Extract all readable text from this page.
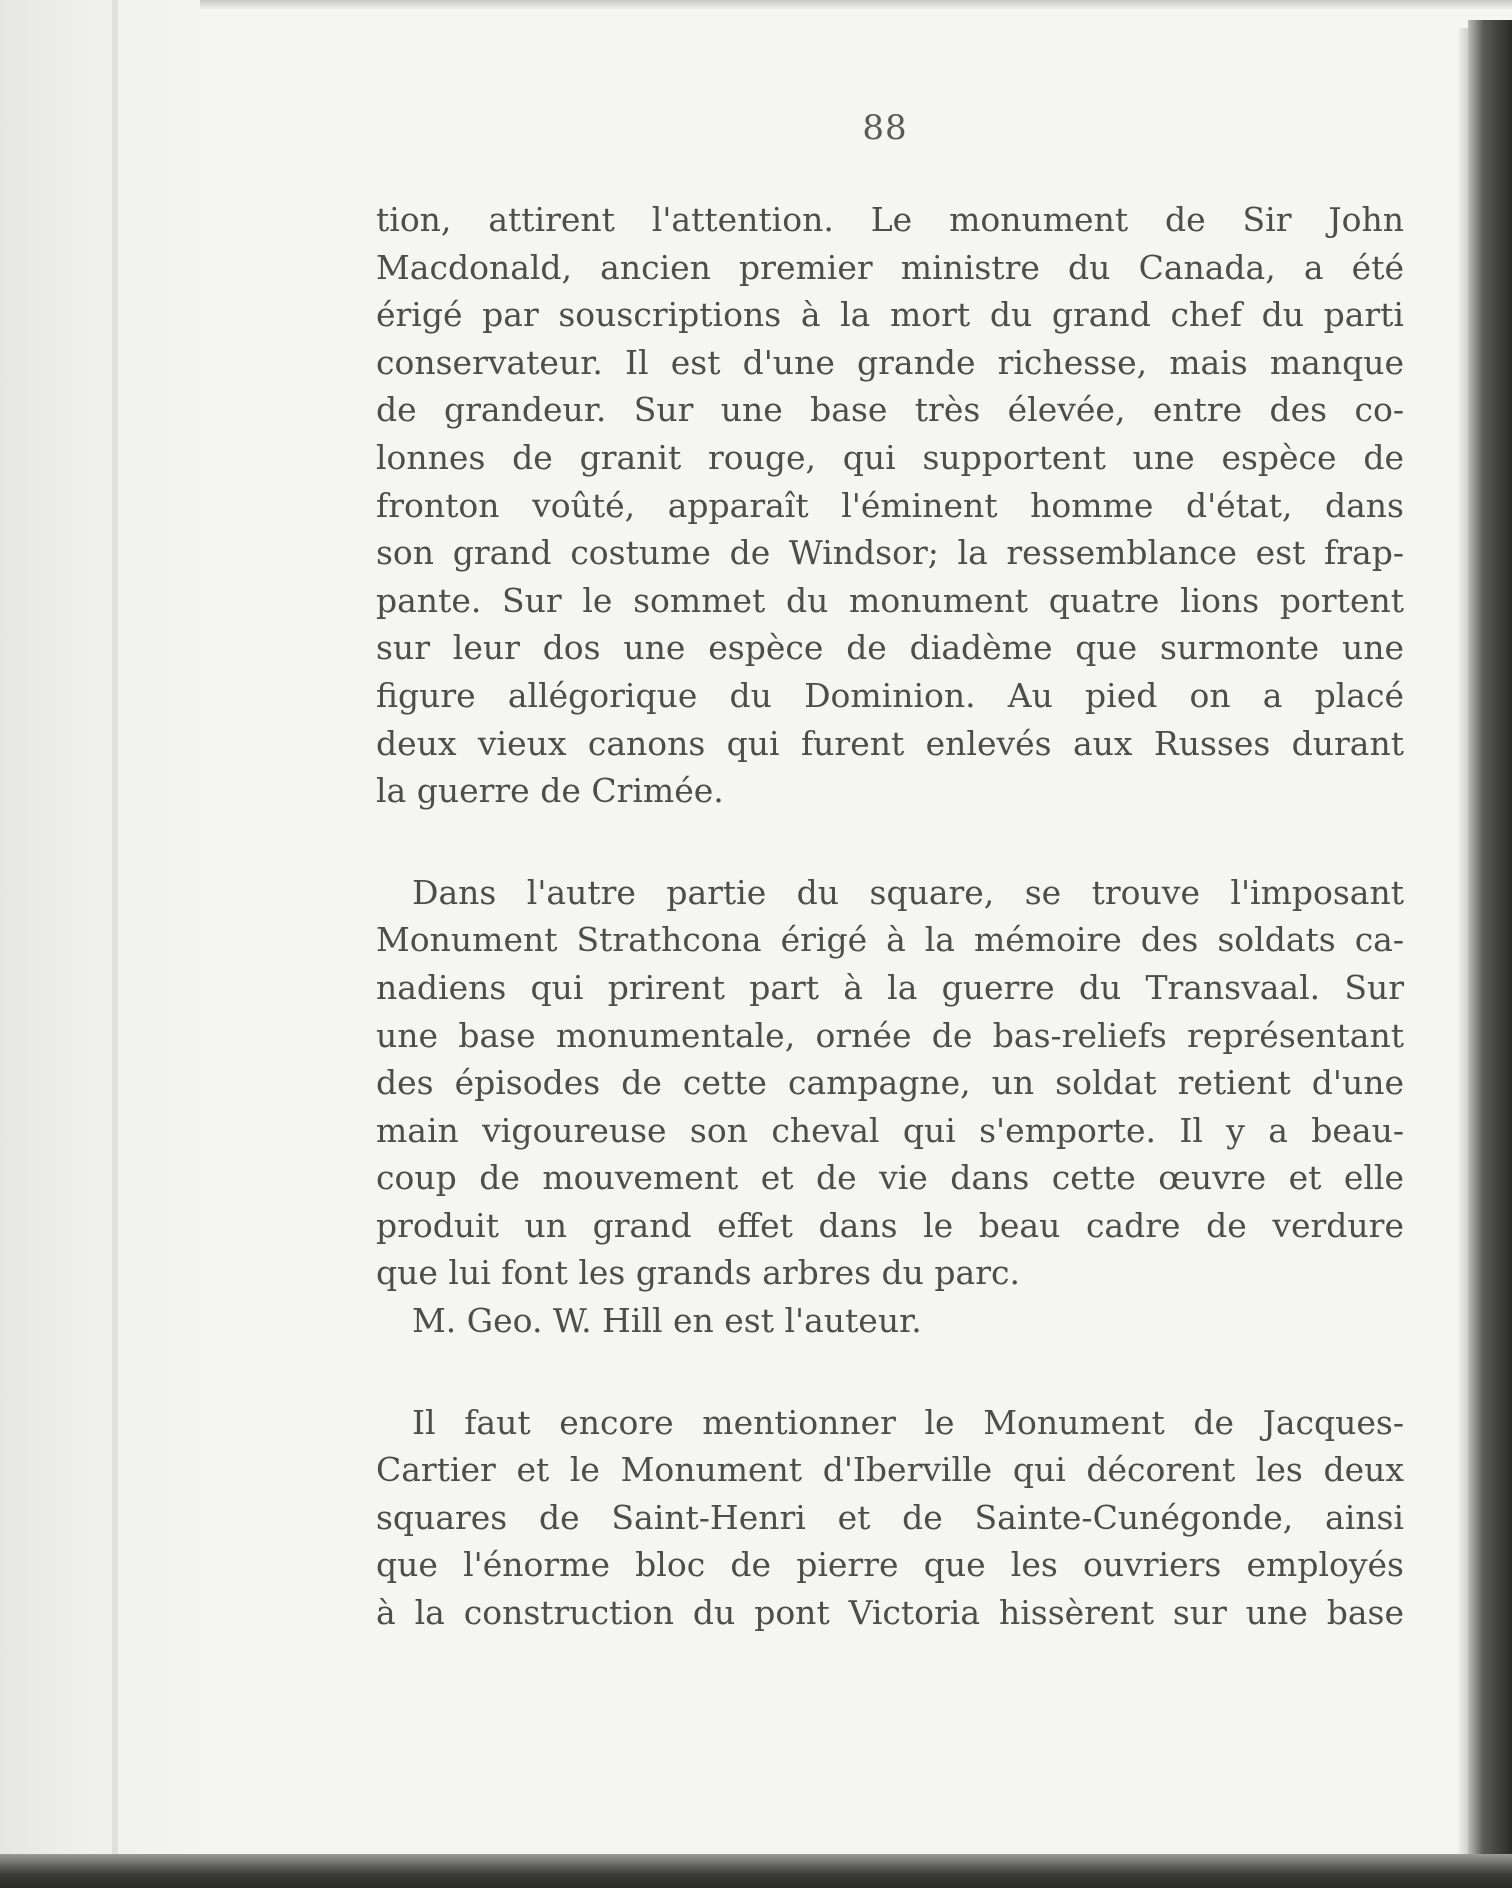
88
tion, attirent l'attention. Le monument de Sir John
Macdonald, ancien premier ministre du Canada, a été
érigé par souscriptions à la mort du grand chef du parti
conservateur. Il est d'une grande richesse, mais manque
de grandeur. Sur une base très élevée, entre des co-
lonnes de granit rouge, qui supportent une espèce de
fronton voûté, apparaît l'éminent homme d'état, dans
son grand costume de Windsor; la ressemblance est frap-
pante. Sur le sommet du monument quatre lions portent
sur leur dos une espèce de diadème que surmonte une
figure allégorique du Dominion. Au pied on a placé
deux vieux canons qui furent enlevés aux Russes durant
la guerre de Crimée.
Dans l'autre partie du square, se trouve l'imposant
Monument Strathcona érigé à la mémoire des soldats ca-
nadiens qui prirent part à la guerre du Transvaal. Sur
une base monumentale, ornée de bas-reliefs représentant
des épisodes de cette campagne, un soldat retient d'une
main vigoureuse son cheval qui s'emporte. Il y a beau-
coup de mouvement et de vie dans cette œuvre et elle
produit un grand effet dans le beau cadre de verdure
que lui font les grands arbres du parc.
M. Geo. W. Hill en est l'auteur.
Il faut encore mentionner le Monument de Jacques-
Cartier et le Monument d'Iberville qui décorent les deux
squares de Saint-Henri et de Sainte-Cunégonde, ainsi
que l'énorme bloc de pierre que les ouvriers employés
à la construction du pont Victoria hissèrent sur une base
